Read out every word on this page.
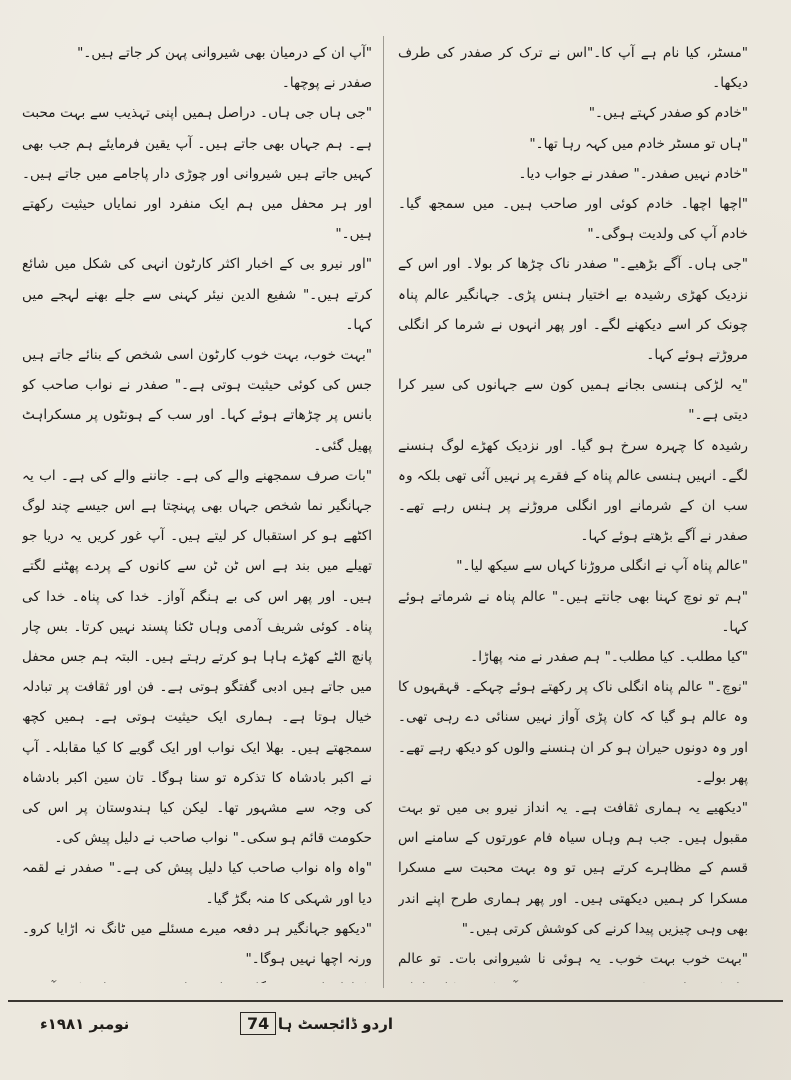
"مسٹر، کیا نام ہے آپ کا۔"اس نے ترک کر صفدر کی طرف دیکھا۔

"خادم کو صفدر کہتے ہیں۔"

"ہاں تو مسٹر خادم میں کہہ رہا تھا۔"

"خادم نہیں صفدر۔" صفدر نے جواب دیا۔

"اچھا اچھا۔ خادم کوئی اور صاحب ہیں۔ میں سمجھ گیا۔ خادم آپ کی ولدیت ہوگی۔"

"جی ہاں۔ آگے بڑھیے۔" صفدر ناک چڑھا کر بولا۔ اور اس کے نزدیک کھڑی رشیدہ بے اختیار ہنس پڑی۔ جہانگیر عالم پناہ چونک کر اسے دیکھنے لگے۔ اور پھر انہوں نے شرما کر انگلی مروڑتے ہوئے کہا۔

"یہ لڑکی ہنسی بجانے ہمیں کون سے جہانوں کی سیر کرا دیتی ہے۔"

رشیدہ کا چہرہ سرخ ہو گیا۔ اور نزدیک کھڑے لوگ ہنسنے لگے۔ انہیں ہنسی عالم پناہ کے فقرے پر نہیں آئی تھی بلکہ وہ سب ان کے شرمانے اور انگلی مروڑنے پر ہنس رہے تھے۔ صفدر نے آگے بڑھتے ہوئے کہا۔

"عالم پناہ آپ نے انگلی مروڑنا کہاں سے سیکھ لیا۔"

"ہم تو نوچ کہنا بھی جانتے ہیں۔" عالم پناہ نے شرماتے ہوئے کہا۔

"کیا مطلب۔ کیا مطلب۔" ہم صفدر نے منہ پھاڑا۔

"نوچ۔" عالم پناہ انگلی ناک پر رکھتے ہوئے چہکے۔ قہقہوں کا وہ عالم ہو گیا کہ کان پڑی آواز نہیں سنائی دے رہی تھی۔ اور وہ دونوں حیران ہو کر ان ہنسنے والوں کو دیکھ رہے تھے۔ پھر بولے۔

"دیکھیے یہ ہماری ثقافت ہے۔ یہ انداز نیرو بی میں تو بہت مقبول ہیں۔ جب ہم وہاں سیاہ فام عورتوں کے سامنے اس قسم کے مظاہرے کرتے ہیں تو وہ بہت محبت سے مسکرا مسکرا کر ہمیں دیکھتی ہیں۔ اور پھر ہماری طرح اپنے اندر بھی وہی چیزیں پیدا کرنے کی کوشش کرتی ہیں۔"

"بہت خوب بہت خوب۔ یہ ہوئی نا شیروانی بات۔ تو عالم

"آپ ان کے درمیان بھی شیروانی پہن کر جاتے ہیں۔"

صفدر نے پوچھا۔

"جی ہاں جی ہاں۔ دراصل ہمیں اپنی تہذیب سے بہت محبت ہے۔ ہم جہاں بھی جاتے ہیں۔ آپ یقین فرمایئے ہم جب بھی کہیں جاتے ہیں شیروانی اور چوڑی دار پاجامے میں جاتے ہیں۔ اور ہر محفل میں ہم ایک منفرد اور نمایاں حیثیت رکھتے ہیں۔"

"اور نیرو بی کے اخبار اکثر کارٹون انہی کی شکل میں شائع کرتے ہیں۔" شفیع الدین نیئر کہنی سے جلے بھنے لہجے میں کہا۔

"بہت خوب، بہت خوب کارٹون اسی شخص کے بنائے جاتے ہیں جس کی کوئی حیثیت ہوتی ہے۔" صفدر نے نواب صاحب کو بانس پر چڑھاتے ہوئے کہا۔ اور سب کے ہونٹوں پر مسکراہٹ پھیل گئی۔

"بات صرف سمجھنے والے کی ہے۔ جاننے والے کی ہے۔ اب یہ جہانگیر نما شخص جہاں بھی پہنچتا ہے اس جیسے چند لوگ اکٹھے ہو کر استقبال کر لیتے ہیں۔ آپ غور کریں یہ دریا جو تھیلے میں بند ہے اس ٹن ٹن سے کانوں کے پردے پھٹنے لگتے ہیں۔ اور پھر اس کی بے ہنگم آواز۔ خدا کی پناہ۔ خدا کی پناہ۔ کوئی شریف آدمی وہاں ٹکنا پسند نہیں کرتا۔ بس چار پانچ الٹے کھڑے ہاہا ہو کرتے رہتے ہیں۔ البتہ ہم جس محفل میں جاتے ہیں ادبی گفتگو ہوتی ہے۔ فن اور ثقافت پر تبادلہ خیال ہوتا ہے۔ ہماری ایک حیثیت ہوتی ہے۔ ہمیں کچھ سمجھتے ہیں۔ بھلا ایک نواب اور ایک گویے کا کیا مقابلہ۔ آپ نے اکبر بادشاہ کا تذکرہ تو سنا ہوگا۔ تان سین اکبر بادشاہ کی وجہ سے مشہور تھا۔ لیکن کیا ہندوستان پر اس کی حکومت قائم ہو سکی۔" نواب صاحب نے دلیل پیش کی۔

"واہ واہ نواب صاحب کیا دلیل پیش کی ہے۔" صفدر نے لقمہ دیا اور شہکی کا منہ بگڑ گیا۔

"دیکھو جہانگیر ہر دفعہ میرے مسئلے میں ٹانگ نہ اڑایا کرو۔ ورنہ اچھا نہیں ہوگا۔"

اردو ڈائجسٹ ہا
74
نومبر ۱۹۸۱ء
